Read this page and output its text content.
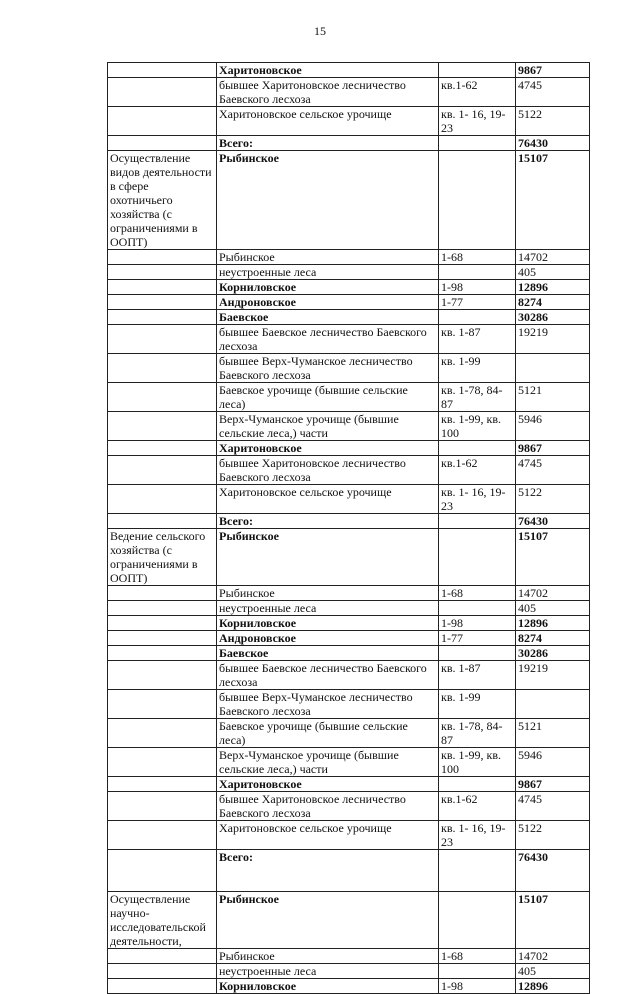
15
	Харитоновское		9867
	бывшее Харитоновское лесничество Баевского лесхоза	кв.1-62	4745
	Харитоновское сельское урочище	кв. 1- 16, 19-23	5122
	Всего:		76430
Осуществление видов деятельности в сфере охотничьего хозяйства (с ограничениями в ООПТ)	Рыбинское		15107
	Рыбинское	1-68	14702
	неустроенные леса		405
	Корниловское	1-98	12896
	Андроновское	1-77	8274
	Баевское		30286
	бывшее Баевское лесничество Баевского лесхоза	кв. 1-87	19219
	бывшее Верх-Чуманское лесничество Баевского лесхоза	кв. 1-99	
	Баевское урочище (бывшие сельские леса)	кв. 1-78, 84-87	5121
	Верх-Чуманское урочище (бывшие сельские леса,) части	кв. 1-99, кв. 100	5946
	Харитоновское		9867
	бывшее Харитоновское лесничество Баевского лесхоза	кв.1-62	4745
	Харитоновское сельское урочище	кв. 1- 16, 19-23	5122
	Всего:		76430
Ведение сельского хозяйства (с ограничениями в ООПТ)	Рыбинское		15107
	Рыбинское	1-68	14702
	неустроенные леса		405
	Корниловское	1-98	12896
	Андроновское	1-77	8274
	Баевское		30286
	бывшее Баевское лесничество Баевского лесхоза	кв. 1-87	19219
	бывшее Верх-Чуманское лесничество Баевского лесхоза	кв. 1-99	
	Баевское урочище (бывшие сельские леса)	кв. 1-78, 84-87	5121
	Верх-Чуманское урочище (бывшие сельские леса,) части	кв. 1-99, кв. 100	5946
	Харитоновское		9867
	бывшее Харитоновское лесничество Баевского лесхоза	кв.1-62	4745
	Харитоновское сельское урочище	кв. 1- 16, 19-23	5122
	Всего:		76430
Осуществление научно-исследовательской деятельности,	Рыбинское		15107
	Рыбинское	1-68	14702
	неустроенные леса		405
	Корниловское	1-98	12896
